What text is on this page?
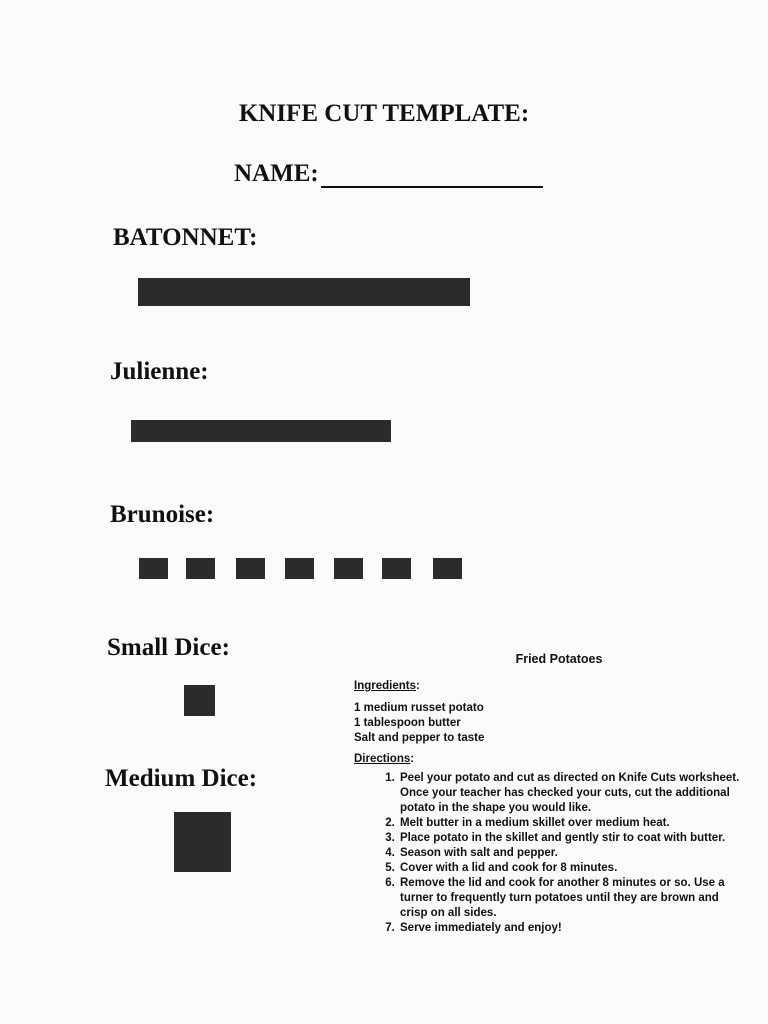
KNIFE CUT TEMPLATE:
NAME:
BATONNET:
Julienne:
Brunoise:
Small Dice:
Medium Dice:
Fried Potatoes
Ingredients:
1 medium russet potato
1 tablespoon butter
Salt and pepper to taste
Directions:
1. Peel your potato and cut as directed on Knife Cuts worksheet. Once your teacher has checked your cuts, cut the additional potato in the shape you would like.
2. Melt butter in a medium skillet over medium heat.
3. Place potato in the skillet and gently stir to coat with butter.
4. Season with salt and pepper.
5. Cover with a lid and cook for 8 minutes.
6. Remove the lid and cook for another 8 minutes or so. Use a turner to frequently turn potatoes until they are brown and crisp on all sides.
7. Serve immediately and enjoy!
